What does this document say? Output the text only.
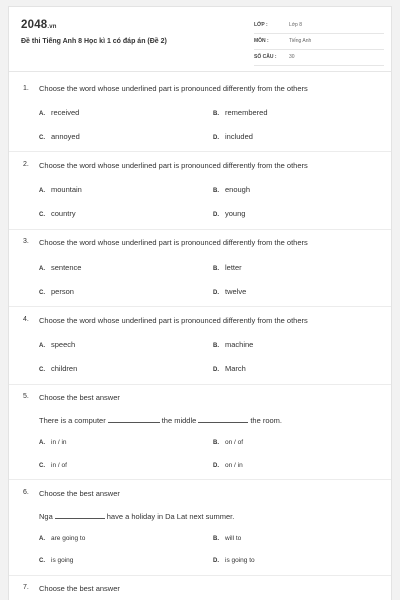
2048.vn
Đề thi Tiếng Anh 8 Học kì 1 có đáp án (Đề 2)
LỚP :	Lớp 8
MÔN :	Tiếng Anh
SỐ CÂU :	30
1. Choose the word whose underlined part is pronounced differently from the others
A. received	B. remembered
C. annoyed	D. included
2. Choose the word whose underlined part is pronounced differently from the others
A. mountain	B. enough
C. country	D. young
3. Choose the word whose underlined part is pronounced differently from the others
A. sentence	B. letter
C. person	D. twelve
4. Choose the word whose underlined part is pronounced differently from the others
A. speech	B. machine
C. children	D. March
5. Choose the best answer
There is a computer	the middle	the room.
A. in / in	B. on / of
C. in / of	D. on / in
6. Choose the best answer
Nga	have a holiday in Da Lat next summer.
A. are going to	B. will to
C. is going	D. is going to
7. Choose the best answer
